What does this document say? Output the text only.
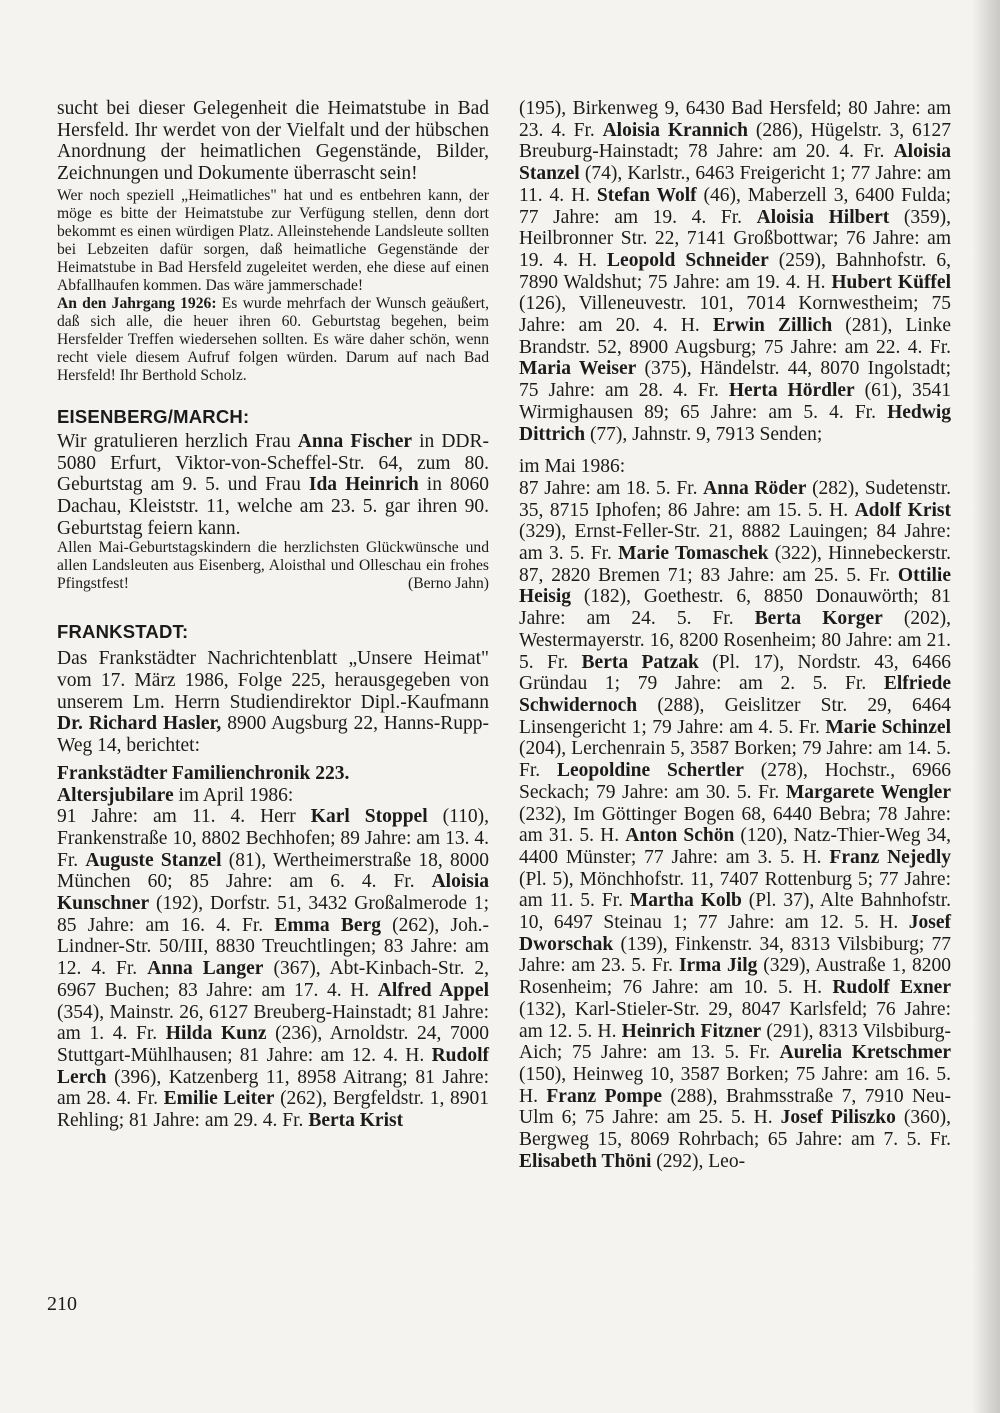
sucht bei dieser Gelegenheit die Heimatstube in Bad Hersfeld. Ihr werdet von der Vielfalt und der hübschen Anordnung der heimatlichen Gegenstände, Bilder, Zeichnungen und Dokumente überrascht sein!

Wer noch speziell „Heimatliches" hat und es entbehren kann, der möge es bitte der Heimatstube zur Verfügung stellen, denn dort bekommt es einen würdigen Platz. Alleinstehende Landsleute sollten bei Lebzeiten dafür sorgen, daß heimatliche Gegenstände der Heimatstube in Bad Hersfeld zugeleitet werden, ehe diese auf einen Abfallhaufen kommen. Das wäre jammerschade!

An den Jahrgang 1926: Es wurde mehrfach der Wunsch geäußert, daß sich alle, die heuer ihren 60. Geburtstag begehen, beim Hersfelder Treffen wiedersehen sollten. Es wäre daher schön, wenn recht viele diesem Aufruf folgen würden. Darum auf nach Bad Hersfeld! Ihr Berthold Scholz.

EISENBERG/MARCH:

Wir gratulieren herzlich Frau Anna Fischer in DDR-5080 Erfurt, Viktor-von-Scheffel-Str. 64, zum 80. Geburtstag am 9. 5. und Frau Ida Heinrich in 8060 Dachau, Kleiststr. 11, welche am 23. 5. gar ihren 90. Geburtstag feiern kann.

Allen Mai-Geburtstagskindern die herzlichsten Glückwünsche und allen Landsleuten aus Eisenberg, Aloisthal und Olleschau ein frohes Pfingstfest!	(Berno Jahn)

FRANKSTADT:

Das Frankstädter Nachrichtenblatt „Unsere Heimat" vom 17. März 1986, Folge 225, herausgegeben von unserem Lm. Herrn Studiendirektor Dipl.-Kaufmann Dr. Richard Hasler, 8900 Augsburg 22, Hanns-Rupp-Weg 14, berichtet:

Frankstädter Familienchronik 223.

Altersjubilare im April 1986:

91 Jahre: am 11. 4. Herr Karl Stoppel (110), Frankenstraße 10, 8802 Bechhofen; 89 Jahre: am 13. 4. Fr. Auguste Stanzel (81), Wertheimerstraße 18, 8000 München 60; 85 Jahre: am 6. 4. Fr. Aloisia Kunschner (192), Dorfstr. 51, 3432 Großalmerode 1; 85 Jahre: am 16. 4. Fr. Emma Berg (262), Joh.-Lindner-Str. 50/III, 8830 Treuchtlingen; 83 Jahre: am 12. 4. Fr. Anna Langer (367), Abt-Kinbach-Str. 2, 6967 Buchen; 83 Jahre: am 17. 4. H. Alfred Appel (354), Mainstr. 26, 6127 Breuberg-Hainstadt; 81 Jahre: am 1. 4. Fr. Hilda Kunz (236), Arnoldstr. 24, 7000 Stuttgart-Mühlhausen; 81 Jahre: am 12. 4. H. Rudolf Lerch (396), Katzenberg 11, 8958 Aitrang; 81 Jahre: am 28. 4. Fr. Emilie Leiter (262), Bergfeldstr. 1, 8901 Rehling; 81 Jahre: am 29. 4. Fr. Berta Krist

(195), Birkenweg 9, 6430 Bad Hersfeld; 80 Jahre: am 23. 4. Fr. Aloisia Krannich (286), Hügelstr. 3, 6127 Breuburg-Hainstadt; 78 Jahre: am 20. 4. Fr. Aloisia Stanzel (74), Karlstr., 6463 Freigericht 1; 77 Jahre: am 11. 4. H. Stefan Wolf (46), Maberzell 3, 6400 Fulda; 77 Jahre: am 19. 4. Fr. Aloisia Hilbert (359), Heilbronner Str. 22, 7141 Großbottwar; 76 Jahre: am 19. 4. H. Leopold Schneider (259), Bahnhofstr. 6, 7890 Waldshut; 75 Jahre: am 19. 4. H. Hubert Küffel (126), Villeneuvestr. 101, 7014 Kornwestheim; 75 Jahre: am 20. 4. H. Erwin Zillich (281), Linke Brandstr. 52, 8900 Augsburg; 75 Jahre: am 22. 4. Fr. Maria Weiser (375), Händelstr. 44, 8070 Ingolstadt; 75 Jahre: am 28. 4. Fr. Herta Hördler (61), 3541 Wirmighausen 89; 65 Jahre: am 5. 4. Fr. Hedwig Dittrich (77), Jahnstr. 9, 7913 Senden;

im Mai 1986:

87 Jahre: am 18. 5. Fr. Anna Röder (282), Sudetenstr. 35, 8715 Iphofen; 86 Jahre: am 15. 5. H. Adolf Krist (329), Ernst-Feller-Str. 21, 8882 Lauingen; 84 Jahre: am 3. 5. Fr. Marie Tomaschek (322), Hinnebeckerstr. 87, 2820 Bremen 71; 83 Jahre: am 25. 5. Fr. Ottilie Heisig (182), Goethestr. 6, 8850 Donauwörth; 81 Jahre: am 24. 5. Fr. Berta Korger (202), Westermayerstr. 16, 8200 Rosenheim; 80 Jahre: am 21. 5. Fr. Berta Patzak (Pl. 17), Nordstr. 43, 6466 Gründau 1; 79 Jahre: am 2. 5. Fr. Elfriede Schwidernoch (288), Geislitzer Str. 29, 6464 Linsengericht 1; 79 Jahre: am 4. 5. Fr. Marie Schinzel (204), Lerchenrain 5, 3587 Borken; 79 Jahre: am 14. 5. Fr. Leopoldine Schertler (278), Hochstr., 6966 Seckach; 79 Jahre: am 30. 5. Fr. Margarete Wengler (232), Im Göttinger Bogen 68, 6440 Bebra; 78 Jahre: am 31. 5. H. Anton Schön (120), Natz-Thier-Weg 34, 4400 Münster; 77 Jahre: am 3. 5. H. Franz Nejedly (Pl. 5), Mönchhofstr. 11, 7407 Rottenburg 5; 77 Jahre: am 11. 5. Fr. Martha Kolb (Pl. 37), Alte Bahnhofstr. 10, 6497 Steinau 1; 77 Jahre: am 12. 5. H. Josef Dworschak (139), Finkenstr. 34, 8313 Vilsbiburg; 77 Jahre: am 23. 5. Fr. Irma Jilg (329), Austraße 1, 8200 Rosenheim; 76 Jahre: am 10. 5. H. Rudolf Exner (132), Karl-Stieler-Str. 29, 8047 Karlsfeld; 76 Jahre: am 12. 5. H. Heinrich Fitzner (291), 8313 Vilsbiburg-Aich; 75 Jahre: am 13. 5. Fr. Aurelia Kretschmer (150), Heinweg 10, 3587 Borken; 75 Jahre: am 16. 5. H. Franz Pompe (288), Brahmsstraße 7, 7910 Neu-Ulm 6; 75 Jahre: am 25. 5. H. Josef Piliszko (360), Bergweg 15, 8069 Rohrbach; 65 Jahre: am 7. 5. Fr. Elisabeth Thöni (292), Leo-

210
